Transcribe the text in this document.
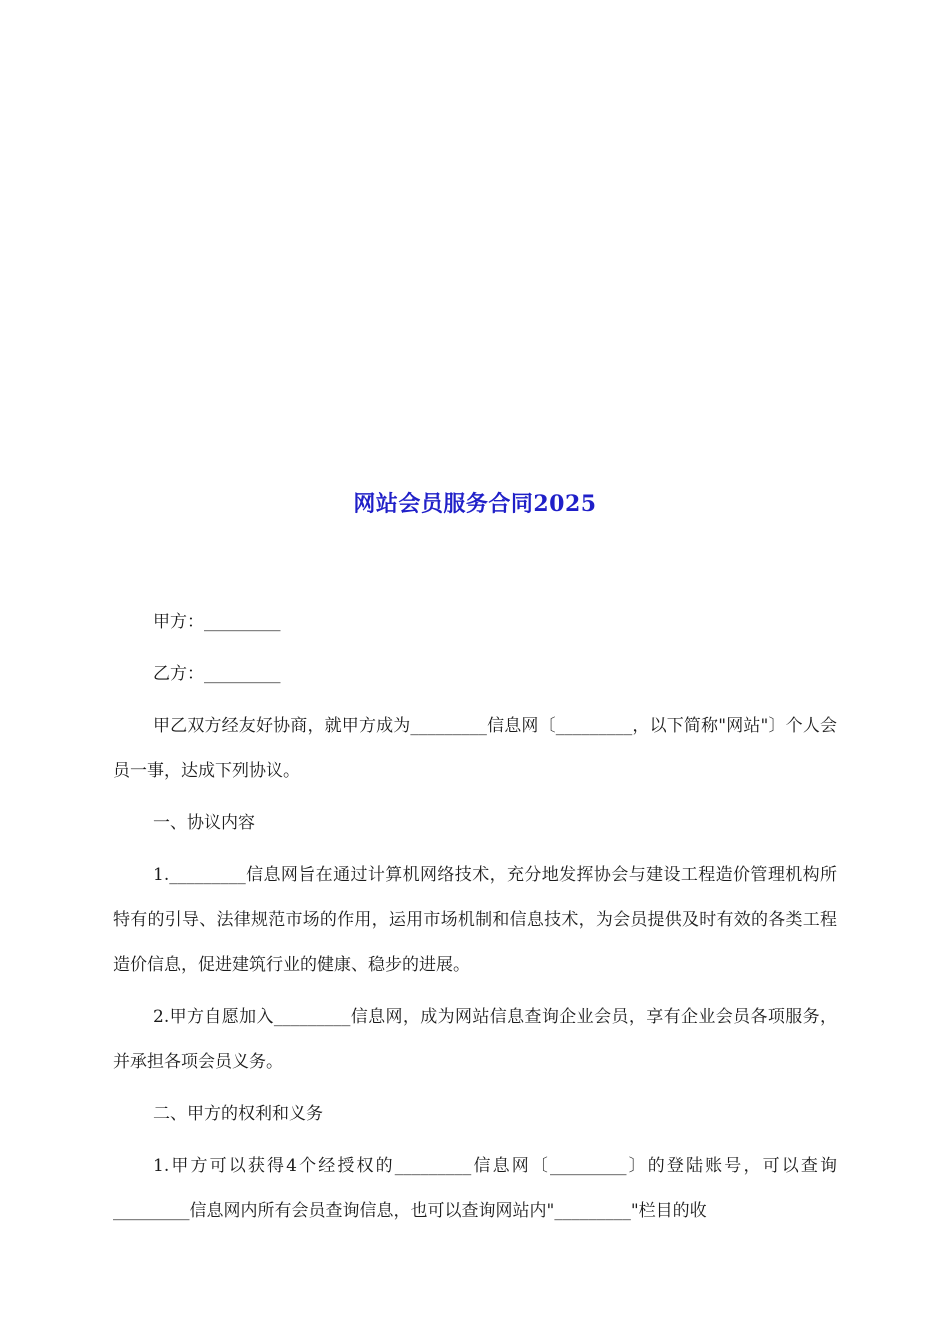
网站会员服务合同2025

甲方：_________

乙方：_________

甲乙双方经友好协商，就甲方成为_________信息网〔_________，以下简称"网站"〕个人会员一事，达成下列协议。

一、协议内容

1._________信息网旨在通过计算机网络技术，充分地发挥协会与建设工程造价管理机构所特有的引导、法律规范市场的作用，运用市场机制和信息技术，为会员提供及时有效的各类工程造价信息，促进建筑行业的健康、稳步的进展。

2.甲方自愿加入_________信息网，成为网站信息查询企业会员，享有企业会员各项服务，并承担各项会员义务。

二、甲方的权利和义务

1.甲方可以获得4个经授权的_________信息网〔_________〕的登陆账号，可以查询_________信息网内所有会员查询信息，也可以查询网站内"_________"栏目的收
